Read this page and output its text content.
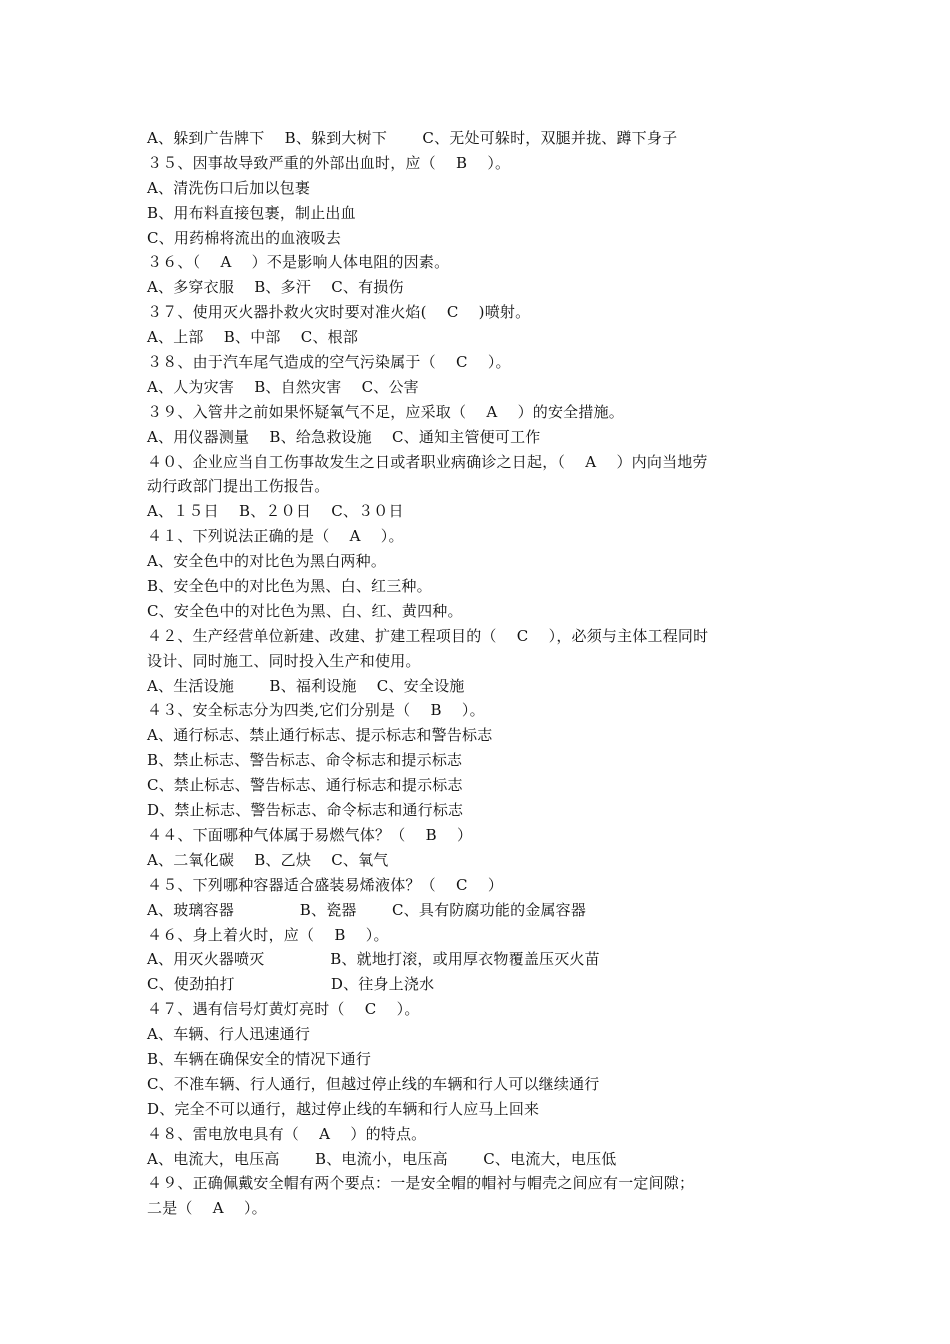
A、躲到广告牌下　 B、躲到大树下　　 C、无处可躲时，双腿并拢、蹲下身子
３５、因事故导致严重的外部出血时，应（　 B　 ）。
A、清洗伤口后加以包裹
B、用布料直接包裹，制止出血
C、用药棉将流出的血液吸去
３６、（　 A　 ）不是影响人体电阻的因素。
A、多穿衣服　 B、多汗　 C、有损伤
３７、使用灭火器扑救火灾时要对准火焰(　 C　 )喷射。
A、上部　 B、中部　 C、根部
３８、由于汽车尾气造成的空气污染属于（　 C　 ）。
A、人为灾害　 B、自然灾害　 C、公害
３９、入管井之前如果怀疑氧气不足，应采取（　 A　 ）的安全措施。
A、用仪器测量　 B、给急救设施　 C、通知主管便可工作
４０、企业应当自工伤事故发生之日或者职业病确诊之日起，（　 A　 ）内向当地劳
动行政部门提出工伤报告。
A、１５日　 B、２０日　 C、３０日
４１、下列说法正确的是（　 A　 ）。
A、安全色中的对比色为黑白两种。
B、安全色中的对比色为黑、白、红三种。
C、安全色中的对比色为黑、白、红、黄四种。
４２、生产经营单位新建、改建、扩建工程项目的（　 C　 ），必须与主体工程同时
设计、同时施工、同时投入生产和使用。
A、生活设施　　 B、福利设施　 C、安全设施
４３、安全标志分为四类,它们分别是（　 B　 ）。
A、通行标志、禁止通行标志、提示标志和警告标志
B、禁止标志、警告标志、命令标志和提示标志
C、禁止标志、警告标志、通行标志和提示标志
D、禁止标志、警告标志、命令标志和通行标志
４４、下面哪种气体属于易燃气体？（　 B　 ）
A、二氧化碳　 B、乙炔　 C、氧气
４５、下列哪种容器适合盛装易烯液体？（　 C　 ）
A、玻璃容器　　　　 B、瓷器　　 C、具有防腐功能的金属容器
４６、身上着火时，应（　 B　 ）。
A、用灭火器喷灭　　　　 B、就地打滚，或用厚衣物覆盖压灭火苗
C、使劲拍打　　　　　　 D、往身上浇水
４７、遇有信号灯黄灯亮时（　 C　 ）。
A、车辆、行人迅速通行
B、车辆在确保安全的情况下通行
C、不准车辆、行人通行，但越过停止线的车辆和行人可以继续通行
D、完全不可以通行，越过停止线的车辆和行人应马上回来
４８、雷电放电具有（　 A　 ）的特点。
A、电流大，电压高　　 B、电流小，电压高　　 C、电流大，电压低
４９、正确佩戴安全帽有两个要点：一是安全帽的帽衬与帽壳之间应有一定间隙；
二是（　 A　 ）。
